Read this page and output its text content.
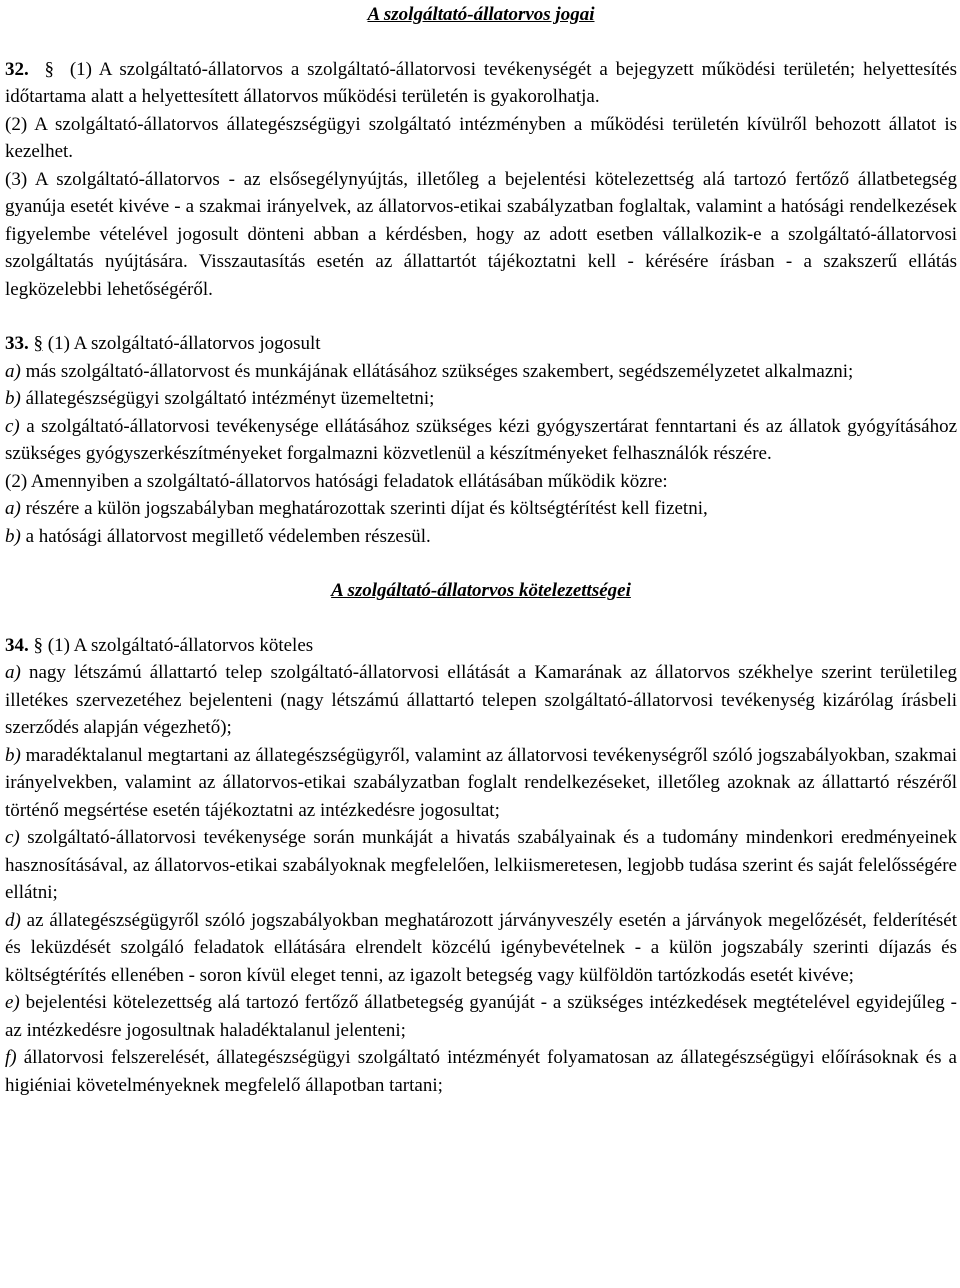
A szolgáltató-állatorvos jogai

32. § (1) A szolgáltató-állatorvos a szolgáltató-állatorvosi tevékenységét a bejegyzett működési területén; helyettesítés időtartama alatt a helyettesített állatorvos működési területén is gyakorolhatja.

(2) A szolgáltató-állatorvos állategészségügyi szolgáltató intézményben a működési területén kívülről behozott állatot is kezelhet.

(3) A szolgáltató-állatorvos - az elsősegélynyújtás, illetőleg a bejelentési kötelezettség alá tartozó fertőző állatbetegség gyanúja esetét kivéve - a szakmai irányelvek, az állatorvos-etikai szabályzatban foglaltak, valamint a hatósági rendelkezések figyelembe vételével jogosult dönteni abban a kérdésben, hogy az adott esetben vállalkozik-e a szolgáltató-állatorvosi szolgáltatás nyújtására. Visszautasítás esetén az állattartót tájékoztatni kell - kérésére írásban - a szakszerű ellátás legközelebbi lehetőségéről.

33. § (1) A szolgáltató-állatorvos jogosult

a) más szolgáltató-állatorvost és munkájának ellátásához szükséges szakembert, segédszemélyzetet alkalmazni;

b) állategészségügyi szolgáltató intézményt üzemeltetni;

c) a szolgáltató-állatorvosi tevékenysége ellátásához szükséges kézi gyógyszertárat fenntartani és az állatok gyógyításához szükséges gyógyszerkészítményeket forgalmazni közvetlenül a készítményeket felhasználók részére.

(2) Amennyiben a szolgáltató-állatorvos hatósági feladatok ellátásában működik közre:

a) részére a külön jogszabályban meghatározottak szerinti díjat és költségtérítést kell fizetni,

b) a hatósági állatorvost megillető védelemben részesül.

A szolgáltató-állatorvos kötelezettségei

34. § (1) A szolgáltató-állatorvos köteles

a) nagy létszámú állattartó telep szolgáltató-állatorvosi ellátását a Kamarának az állatorvos székhelye szerint területileg illetékes szervezetéhez bejelenteni (nagy létszámú állattartó telepen szolgáltató-állatorvosi tevékenység kizárólag írásbeli szerződés alapján végezhető);

b) maradéktalanul megtartani az állategészségügyről, valamint az állatorvosi tevékenységről szóló jogszabályokban, szakmai irányelvekben, valamint az állatorvos-etikai szabályzatban foglalt rendelkezéseket, illetőleg azoknak az állattartó részéről történő megsértése esetén tájékoztatni az intézkedésre jogosultat;

c) szolgáltató-állatorvosi tevékenysége során munkáját a hivatás szabályainak és a tudomány mindenkori eredményeinek hasznosításával, az állatorvos-etikai szabályoknak megfelelően, lelkiismeretesen, legjobb tudása szerint és saját felelősségére ellátni;

d) az állategészségügyről szóló jogszabályokban meghatározott járványveszély esetén a járványok megelőzését, felderítését és leküzdését szolgáló feladatok ellátására elrendelt közcélú igénybevételnek - a külön jogszabály szerinti díjazás és költségtérítés ellenében - soron kívül eleget tenni, az igazolt betegség vagy külföldön tartózkodás esetét kivéve;

e) bejelentési kötelezettség alá tartozó fertőző állatbetegség gyanúját - a szükséges intézkedések megtételével egyidejűleg - az intézkedésre jogosultnak haladéktalanul jelenteni;

f) állatorvosi felszerelését, állategészségügyi szolgáltató intézményét folyamatosan az állategészségügyi előírásoknak és a higiéniai követelményeknek megfelelő állapotban tartani;
